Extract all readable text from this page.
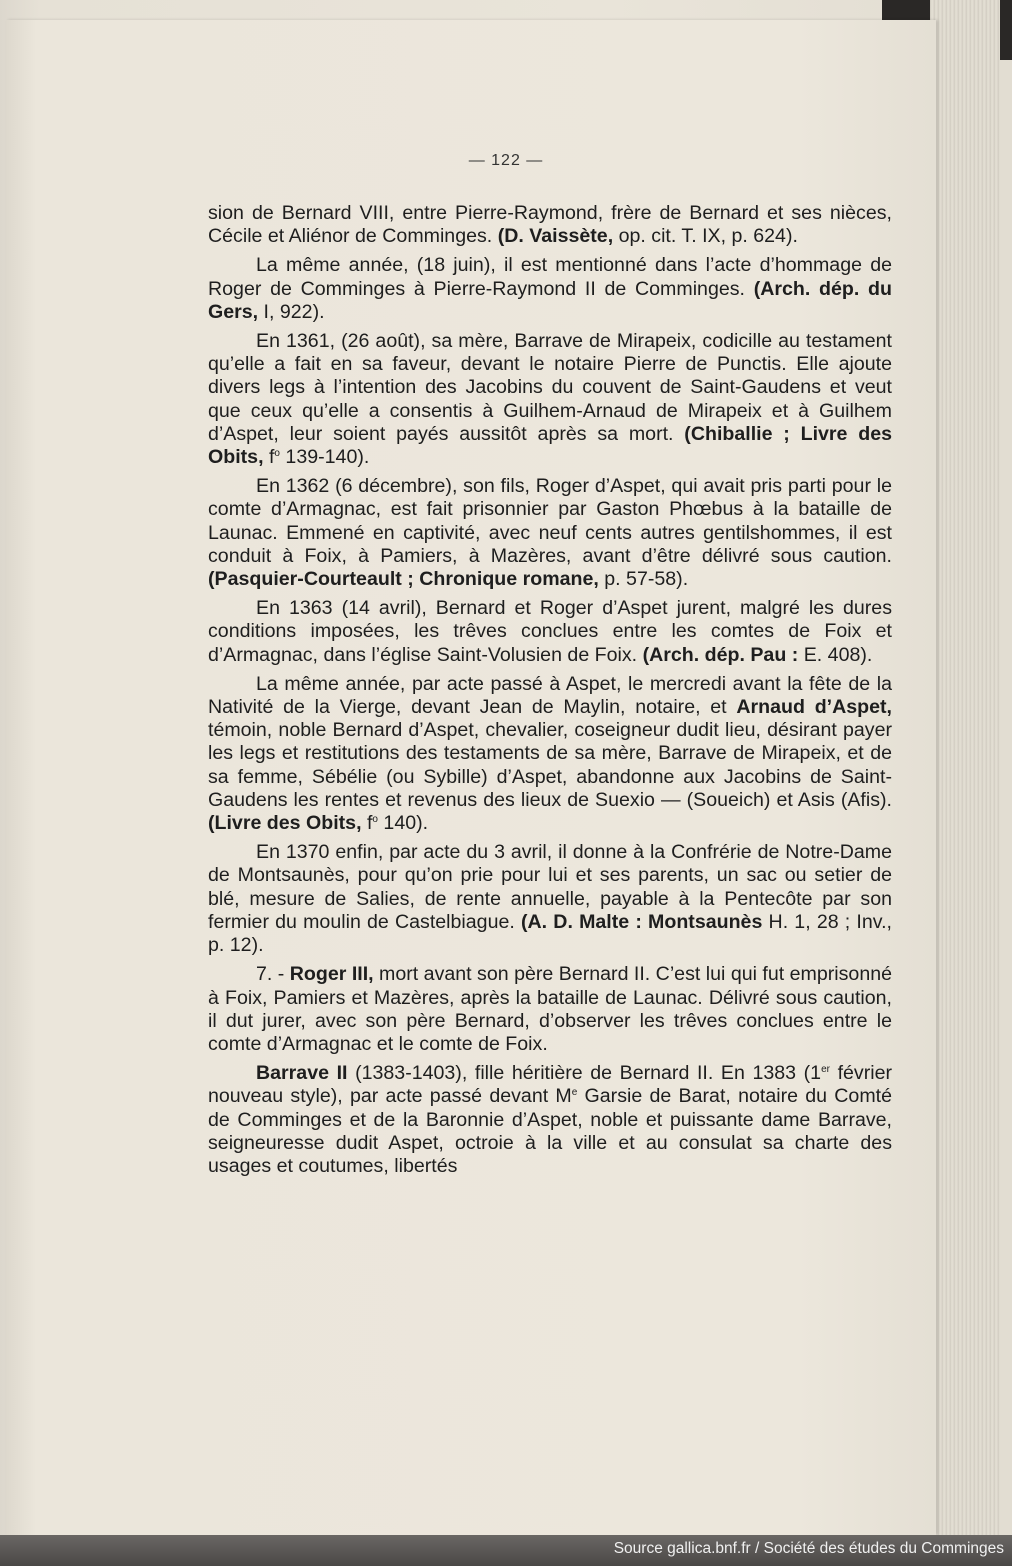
— 122 —

sion de Bernard VIII, entre Pierre-Raymond, frère de Bernard et ses nièces, Cécile et Aliénor de Comminges. (D. Vaissète, op. cit. T. IX, p. 624).

La même année, (18 juin), il est mentionné dans l’acte d’hommage de Roger de Comminges à Pierre-Raymond II de Comminges. (Arch. dép. du Gers, I, 922).

En 1361, (26 août), sa mère, Barrave de Mirapeix, codicille au testament qu’elle a fait en sa faveur, devant le notaire Pierre de Punctis. Elle ajoute divers legs à l’intention des Jacobins du couvent de Saint-Gaudens et veut que ceux qu’elle a consentis à Guilhem-Arnaud de Mirapeix et à Guilhem d’Aspet, leur soient payés aussitôt après sa mort. (Chiballie ; Livre des Obits, $f^o$ 139-140).

En 1362 (6 décembre), son fils, Roger d’Aspet, qui avait pris parti pour le comte d’Armagnac, est fait prisonnier par Gaston Phœbus à la bataille de Launac. Emmené en captivité, avec neuf cents autres gentilshommes, il est conduit à Foix, à Pamiers, à Mazères, avant d’être délivré sous caution. (Pasquier-Courteault ; Chronique romane, p. 57-58).

En 1363 (14 avril), Bernard et Roger d’Aspet jurent, malgré les dures conditions imposées, les trêves conclues entre les comtes de Foix et d’Armagnac, dans l’église Saint-Volusien de Foix. (Arch. dép. Pau : E. 408).

La même année, par acte passé à Aspet, le mercredi avant la fête de la Nativité de la Vierge, devant Jean de Maylin, notaire, et Arnaud d’Aspet, témoin, noble Bernard d’Aspet, chevalier, coseigneur dudit lieu, désirant payer les legs et restitutions des testaments de sa mère, Barrave de Mirapeix, et de sa femme, Sébélie (ou Sybille) d’Aspet, abandonne aux Jacobins de Saint-Gaudens les rentes et revenus des lieux de Suexio — (Soueich) et Asis (Afis). (Livre des Obits, $f^o$ 140).

En 1370 enfin, par acte du 3 avril, il donne à la Confrérie de Notre-Dame de Montsaunès, pour qu’on prie pour lui et ses parents, un sac ou setier de blé, mesure de Salies, de rente annuelle, payable à la Pentecôte par son fermier du moulin de Castelbiague. (A. D. Malte : Montsaunès H. 1, 28 ; Inv., p. 12).

7. - Roger III, mort avant son père Bernard II. C’est lui qui fut emprisonné à Foix, Pamiers et Mazères, après la bataille de Launac. Délivré sous caution, il dut jurer, avec son père Bernard, d’observer les trêves conclues entre le comte d’Armagnac et le comte de Foix.

Barrave II (1383-1403), fille héritière de Bernard II. En 1383 (1er février nouveau style), par acte passé devant Me Garsie de Barat, notaire du Comté de Comminges et de la Baronnie d’Aspet, noble et puissante dame Barrave, seigneuresse dudit Aspet, octroie à la ville et au consulat sa charte des usages et coutumes, libertés

Source gallica.bnf.fr / Société des études du Comminges
